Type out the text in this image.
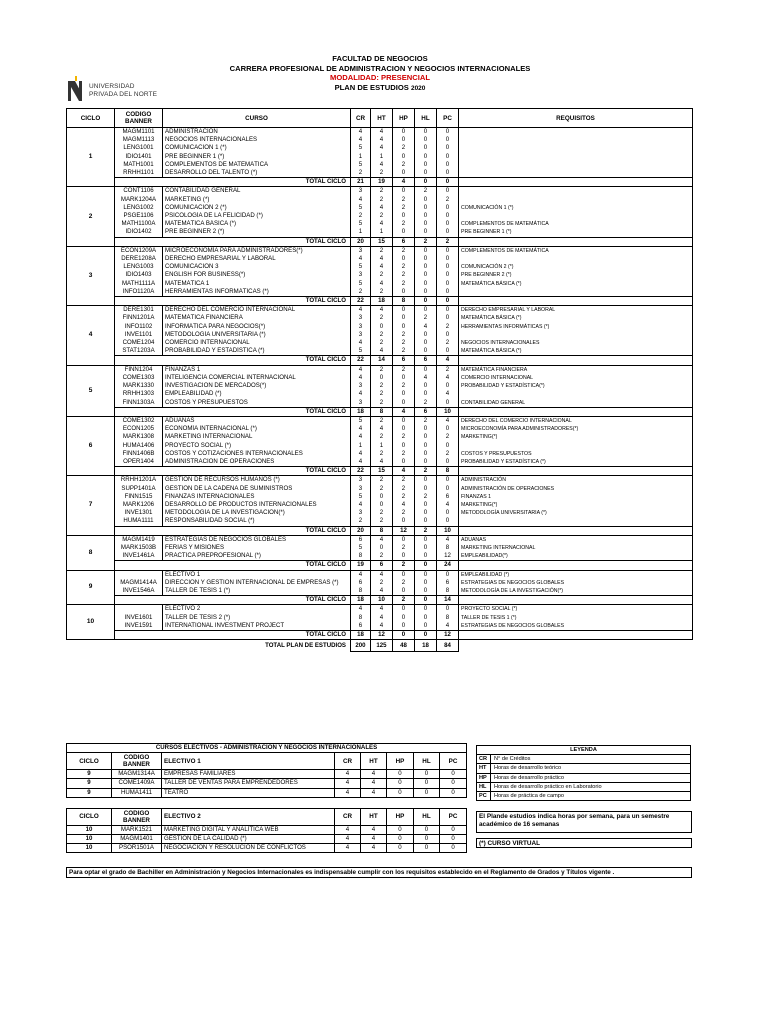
UNIVERSIDAD
PRIVADA DEL NORTE
FACULTAD DE NEGOCIOS
CARRERA PROFESIONAL DE ADMINISTRACION Y NEGOCIOS INTERNACIONALES
MODALIDAD: PRESENCIAL
PLAN DE ESTUDIOS 2020
CICLO	CODIGO BANNER	CURSO	CR	HT	HP	HL	PC	REQUISITOS
1	MAGM1101	ADMINISTRACIÓN	4	4	0	0	0	
	MAGM1113	NEGOCIOS INTERNACIONALES	4	4	0	0	0	
	LENG1001	COMUNICACIÓN 1 (*)	5	4	2	0	0	
	IDIO1401	PRE BEGINNER 1 (*)	1	1	0	0	0	
	MATH1001	COMPLEMENTOS DE MATEMÁTICA	5	4	2	0	0	
	RRHH1101	DESARROLLO DEL TALENTO (*)	2	2	0	0	0	
	TOTAL CICLO		21	19	4	0	0	
2	CONT1106	CONTABILIDAD GENERAL	3	2	0	2	0	
	MARK1204A	MARKETING (*)	4	2	2	0	2	
	LENG1002	COMUNICACIÓN 2 (*)	5	4	2	0	0	COMUNICACIÓN 1 (*)
	PSGE1106	PSICOLOGÍA DE LA FELICIDAD (*)	2	2	0	0	0	
	MATH1100A	MATEMÁTICA BÁSICA (*)	5	4	2	0	0	COMPLEMENTOS DE MATEMÁTICA
	IDIO1402	PRE BEGINNER 2 (*)	1	1	0	0	0	PRE BEGINNER 1 (*)
	TOTAL CICLO		20	15	6	2	2	
3	ECON1209A	MICROECONOMÍA PARA ADMINISTRADORES(*)	3	2	2	0	0	COMPLEMENTOS DE MATEMÁTICA
	DERE1208A	DERECHO EMPRESARIAL Y LABORAL	4	4	0	0	0	
	LENG1003	COMUNICACIÓN 3	5	4	2	0	0	COMUNICACIÓN 2 (*)
	IDIO1403	ENGLISH FOR BUSINESS(*)	3	2	2	0	0	PRE BEGINNER 2 (*)
	MATH1111A	MATEMÁTICA 1	5	4	2	0	0	MATEMÁTICA BÁSICA (*)
	INFO1120A	HERRAMIENTAS INFORMÁTICAS (*)	2	2	0	0	0	
	TOTAL CICLO		22	18	8	0	0	
4	DERE1301	DERECHO DEL COMERCIO INTERNACIONAL	4	4	0	0	0	DERECHO EMPRESARIAL Y LABORAL
	FINN1201A	MATEMÁTICA FINANCIERA	3	2	0	2	0	MATEMÁTICA BÁSICA (*)
	INFO1102	INFORMÁTICA PARA NEGOCIOS(*)	3	0	0	4	2	HERRAMIENTAS INFORMÁTICAS (*)
	INVE1101	METODOLOGÍA UNIVERSITARIA (*)	3	2	2	0	0	
	COME1204	COMERCIO INTERNACIONAL	4	2	2	0	2	NEGOCIOS INTERNACIONALES
	STAT1203A	PROBABILIDAD Y ESTADÍSTICA (*)	5	4	2	0	0	MATEMÁTICA BÁSICA (*)
	TOTAL CICLO		22	14	6	6	4	
5	FINN1204	FINANZAS 1	4	2	2	0	2	MATEMÁTICA FINANCIERA
	COME1303	INTELIGENCIA COMERCIAL INTERNACIONAL	4	0	0	4	4	COMERCIO INTERNACIONAL
	MARK1330	INVESTIGACION DE MERCADOS(*)	3	2	2	0	0	PROBABILIDAD Y ESTADÍSTICA(*)
	RRHH1303	EMPLEABILIDAD (*)	4	2	0	0	4	
	FINN1303A	COSTOS Y PRESUPUESTOS	3	2	0	2	0	CONTABILIDAD GENERAL
	TOTAL CICLO		18	8	4	6	10	
6	COME1302	ADUANAS	5	2	0	2	4	DERECHO DEL COMERCIO INTERNACIONAL
	ECON1205	ECONOMÍA INTERNACIONAL (*)	4	4	0	0	0	MICROECONOMÍA PARA ADMINISTRADORES(*)
	MARK1308	MARKETING INTERNACIONAL	4	2	2	0	2	MARKETING(*)
	HUMA1406	PROYECTO SOCIAL (*)	1	1	0	0	0	
	FINN1406B	COSTOS Y COTIZACIONES INTERNACIONALES	4	2	2	0	2	COSTOS Y PRESUPUESTOS
	OPER1404	ADMINISTRACIÓN DE OPERACIONES	4	4	0	0	0	PROBABILIDAD Y ESTADÍSTICA (*)
	TOTAL CICLO		22	15	4	2	8	
7	RRHH1201A	GESTIÓN DE RECURSOS HUMANOS (*)	3	2	2	0	0	ADMINISTRACIÓN
	SUPP1401A	GESTIÓN DE LA CADENA DE SUMINISTROS	3	2	2	0	0	ADMINISTRACIÓN DE OPERACIONES
	FINN1515	FINANZAS INTERNACIONALES	5	0	2	2	6	FINANZAS 1
	MARK1206	DESARROLLO DE PRODUCTOS INTERNACIONALES	4	0	4	0	4	MARKETING(*)
	INVE1301	METODOLOGÍA DE LA INVESTIGACIÓN(*)	3	2	2	0	0	METODOLOGÍA UNIVERSITARIA (*)
	HUMA1111	RESPONSABILIDAD SOCIAL (*)	2	2	0	0	0	
	TOTAL CICLO		20	8	12	2	10	
8	MAGM1419	ESTRATEGIAS DE NEGOCIOS GLOBALES	6	4	0	0	4	ADUANAS
	MARK1503B	FERIAS Y MISIONES	5	0	2	0	8	MARKETING INTERNACIONAL
	INVE1461A	PRÁCTICA PREPROFESIONAL (*)	8	2	0	0	12	EMPLEABILIDAD(*)
	TOTAL CICLO		19	6	2	0	24	
9		ELECTIVO 1	4	4	0	0	0	EMPLEABILIDAD (*)
	MAGM1414A	DIRECCIÓN Y GESTIÓN INTERNACIONAL DE EMPRESAS (*)	6	2	2	0	6	ESTRATEGIAS DE NEGOCIOS GLOBALES
	INVE1546A	TALLER DE TESIS 1 (*)	8	4	0	0	8	METODOLOGÍA DE LA INVESTIGACIÓN(*)
	TOTAL CICLO		18	10	2	0	14	
10		ELECTIVO 2	4	4	0	0	0	PROYECTO SOCIAL (*)
	INVE1601	TALLER DE TESIS 2 (*)	8	4	0	0	8	TALLER DE TESIS 1 (*)
	INVE1591	INTERNATIONAL INVESTMENT PROJECT	6	4	0	0	4	ESTRATEGIAS DE NEGOCIOS GLOBALES
	TOTAL CICLO		18	12	0	0	12	
TOTAL PLAN DE ESTUDIOS			200	125	48	18	84	
CURSOS ELECTIVOS - ADMINISTRACIÓN Y NEGOCIOS INTERNACIONALES							
CICLO	CODIGO BANNER	ELECTIVO 1	CR	HT	HP	HL	PC
9	MAGM1314A	EMPRESAS FAMILIARES	4	4	0	0	0
9	COME1409A	TALLER DE VENTAS PARA EMPRENDEDORES	4	4	0	0	0
9	HUMA1411	TEATRO	4	4	0	0	0

CICLO	CODIGO BANNER	ELECTIVO 2	CR	HT	HP	HL	PC
10	MARK1521	MARKETING DIGITAL Y ANALÍTICA WEB	4	4	0	0	0
10	MAGM1401	GESTION DE LA CALIDAD (*)	4	4	0	0	0
10	PSOR1501A	NEGOCIACION Y RESOLUCION DE CONFLICTOS	4	4	0	0	0
LEYENDA	
CR	N° de Créditos
HT	Horas de desarrollo teórico
HP	Horas de desarrollo práctico
HL	Horas de desarrollo práctico en Laboratorio
PC	Horas de práctica de campo
El Plande estudios indica horas por semana, para un semestre académico de 16 semanas
(*) CURSO VIRTUAL
Para optar el grado de Bachiller en Administración y Negocios Internacionales es indispensable cumplir con los requisitos establecido en el Reglamento de Grados y Títulos vigente .
